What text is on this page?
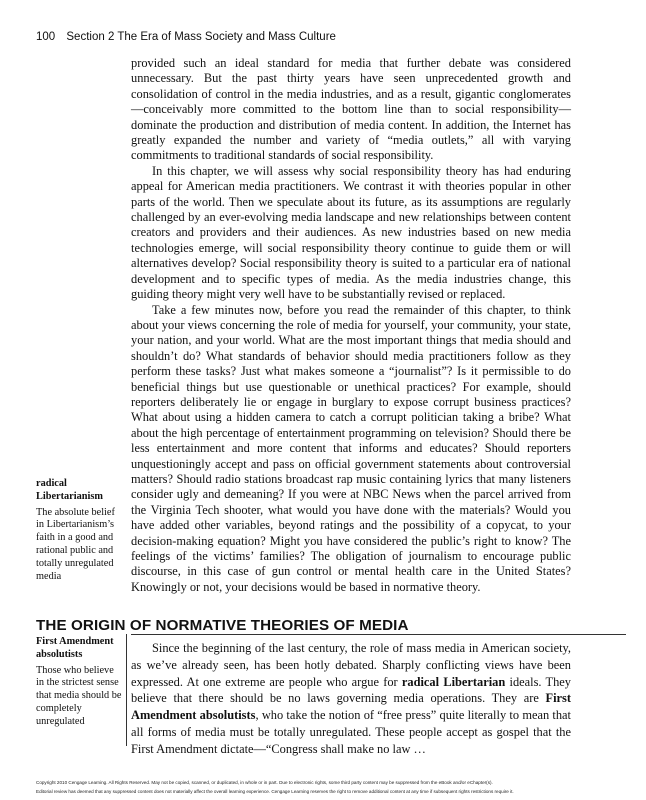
100 Section 2 The Era of Mass Society and Mass Culture

provided such an ideal standard for media that further debate was considered unnecessary. But the past thirty years have seen unprecedented growth and consolidation of control in the media industries, and as a result, gigantic conglomerates—conceivably more committed to the bottom line than to social responsibility—dominate the production and distribution of media content. In addition, the Internet has greatly expanded the number and variety of “media outlets,” all with varying commitments to traditional standards of social responsibility.

In this chapter, we will assess why social responsibility theory has had enduring appeal for American media practitioners. We contrast it with theories popular in other parts of the world. Then we speculate about its future, as its assumptions are regularly challenged by an ever-evolving media landscape and new relationships between content creators and providers and their audiences. As new industries based on new media technologies emerge, will social responsibility theory continue to guide them or will alternatives develop? Social responsibility theory is suited to a particular era of national development and to specific types of media. As the media industries change, this guiding theory might very well have to be substantially revised or replaced.

Take a few minutes now, before you read the remainder of this chapter, to think about your views concerning the role of media for yourself, your community, your state, your nation, and your world. What are the most important things that media should and shouldn’t do? What standards of behavior should media practitioners follow as they perform these tasks? Just what makes someone a “journalist”? Is it permissible to do beneficial things but use questionable or unethical practices? For example, should reporters deliberately lie or engage in burglary to expose corrupt business practices? What about using a hidden camera to catch a corrupt politician taking a bribe? What about the high percentage of entertainment programming on television? Should there be less entertainment and more content that informs and educates? Should reporters unquestioningly accept and pass on official government statements about controversial matters? Should radio stations broadcast rap music containing lyrics that many listeners consider ugly and demeaning? If you were at NBC News when the parcel arrived from the Virginia Tech shooter, what would you have done with the materials? Would you have added other variables, beyond ratings and the possibility of a copycat, to your decision-making equation? Might you have considered the public’s right to know? The feelings of the victims’ families? The obligation of journalism to encourage public discourse, in this case of gun control or mental health care in the United States? Knowingly or not, your decisions would be based in normative theory.

radical Libertarianism
The absolute belief in Libertarianism’s faith in a good and rational public and totally unregulated media
THE ORIGIN OF NORMATIVE THEORIES OF MEDIA
First Amendment absolutists
Those who believe in the strictest sense that media should be completely unregulated

Since the beginning of the last century, the role of mass media in American society, as we’ve already seen, has been hotly debated. Sharply conflicting views have been expressed. At one extreme are people who argue for radical Libertarian ideals. They believe that there should be no laws governing media operations. They are First Amendment absolutists, who take the notion of “free press” quite literally to mean that all forms of media must be totally unregulated. These people accept as gospel that the First Amendment dictate—“Congress shall make no law …

Copyright 2010 Cengage Learning. All Rights Reserved. May not be copied, scanned, or duplicated, in whole or in part. Due to electronic rights, some third party content may be suppressed from the eBook and/or eChapter(s).
Editorial review has deemed that any suppressed content does not materially affect the overall learning experience. Cengage Learning reserves the right to remove additional content at any time if subsequent rights restrictions require it.
